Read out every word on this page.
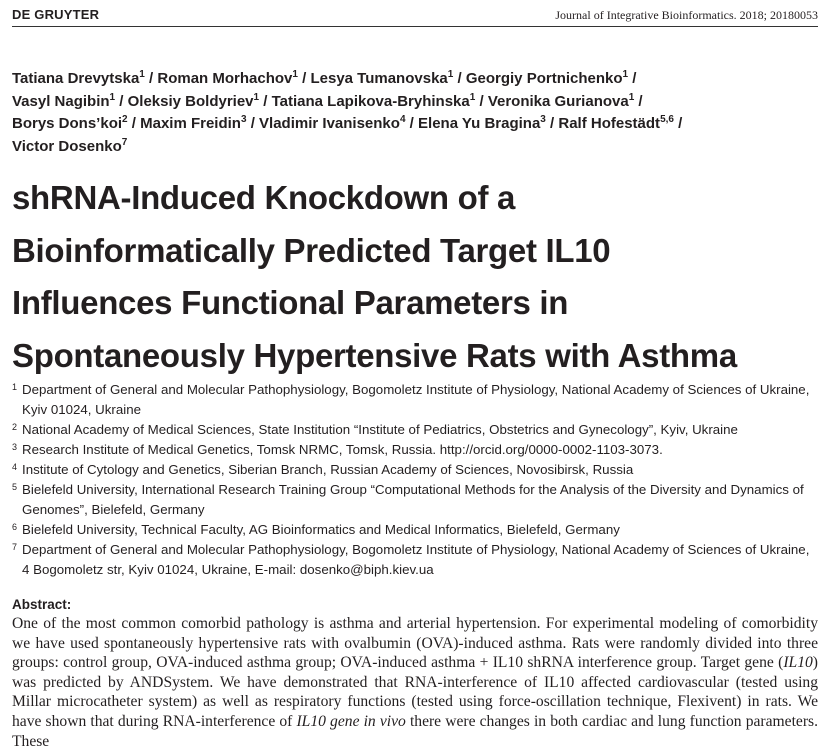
DE GRUYTER	Journal of Integrative Bioinformatics. 2018; 20180053
Tatiana Drevytska$^1$ / Roman Morhachov$^1$ / Lesya Tumanovska$^1$ / Georgiy Portnichenko$^1$ /
Vasyl Nagibin$^1$ / Oleksiy Boldyriev$^1$ / Tatiana Lapikova-Bryhinska$^1$ / Veronika Gurianova$^1$ /
Borys Dons’koi$^2$ / Maxim Freidin$^3$ / Vladimir Ivanisenko$^4$ / Elena Yu Bragina$^3$ / Ralf Hofestädt$^{5,6}$ /
Victor Dosenko$^7$
shRNA-Induced Knockdown of a
Bioinformatically Predicted Target IL10
Influences Functional Parameters in
Spontaneously Hypertensive Rats with Asthma
1 Department of General and Molecular Pathophysiology, Bogomoletz Institute of Physiology, National Academy of Sciences of Ukraine, Kyiv 01024, Ukraine
2 National Academy of Medical Sciences, State Institution “Institute of Pediatrics, Obstetrics and Gynecology”, Kyiv, Ukraine
3 Research Institute of Medical Genetics, Tomsk NRMC, Tomsk, Russia. http://orcid.org/0000-0002-1103-3073.
4 Institute of Cytology and Genetics, Siberian Branch, Russian Academy of Sciences, Novosibirsk, Russia
5 Bielefeld University, International Research Training Group “Computational Methods for the Analysis of the Diversity and Dynamics of Genomes”, Bielefeld, Germany
6 Bielefeld University, Technical Faculty, AG Bioinformatics and Medical Informatics, Bielefeld, Germany
7 Department of General and Molecular Pathophysiology, Bogomoletz Institute of Physiology, National Academy of Sciences of Ukraine, 4 Bogomoletz str, Kyiv 01024, Ukraine, E-mail: dosenko@biph.kiev.ua
Abstract:
One of the most common comorbid pathology is asthma and arterial hypertension. For experimental modeling of comorbidity we have used spontaneously hypertensive rats with ovalbumin (OVA)-induced asthma. Rats were randomly divided into three groups: control group, OVA-induced asthma group; OVA-induced asthma + IL10 shRNA interference group. Target gene (IL10) was predicted by ANDSystem. We have demonstrated that RNA-interference of IL10 affected cardiovascular (tested using Millar microcatheter system) as well as respiratory functions (tested using force-oscillation technique, Flexivent) in rats. We have shown that during RNA-interference of IL10 gene in vivo there were changes in both cardiac and lung function parameters. These
